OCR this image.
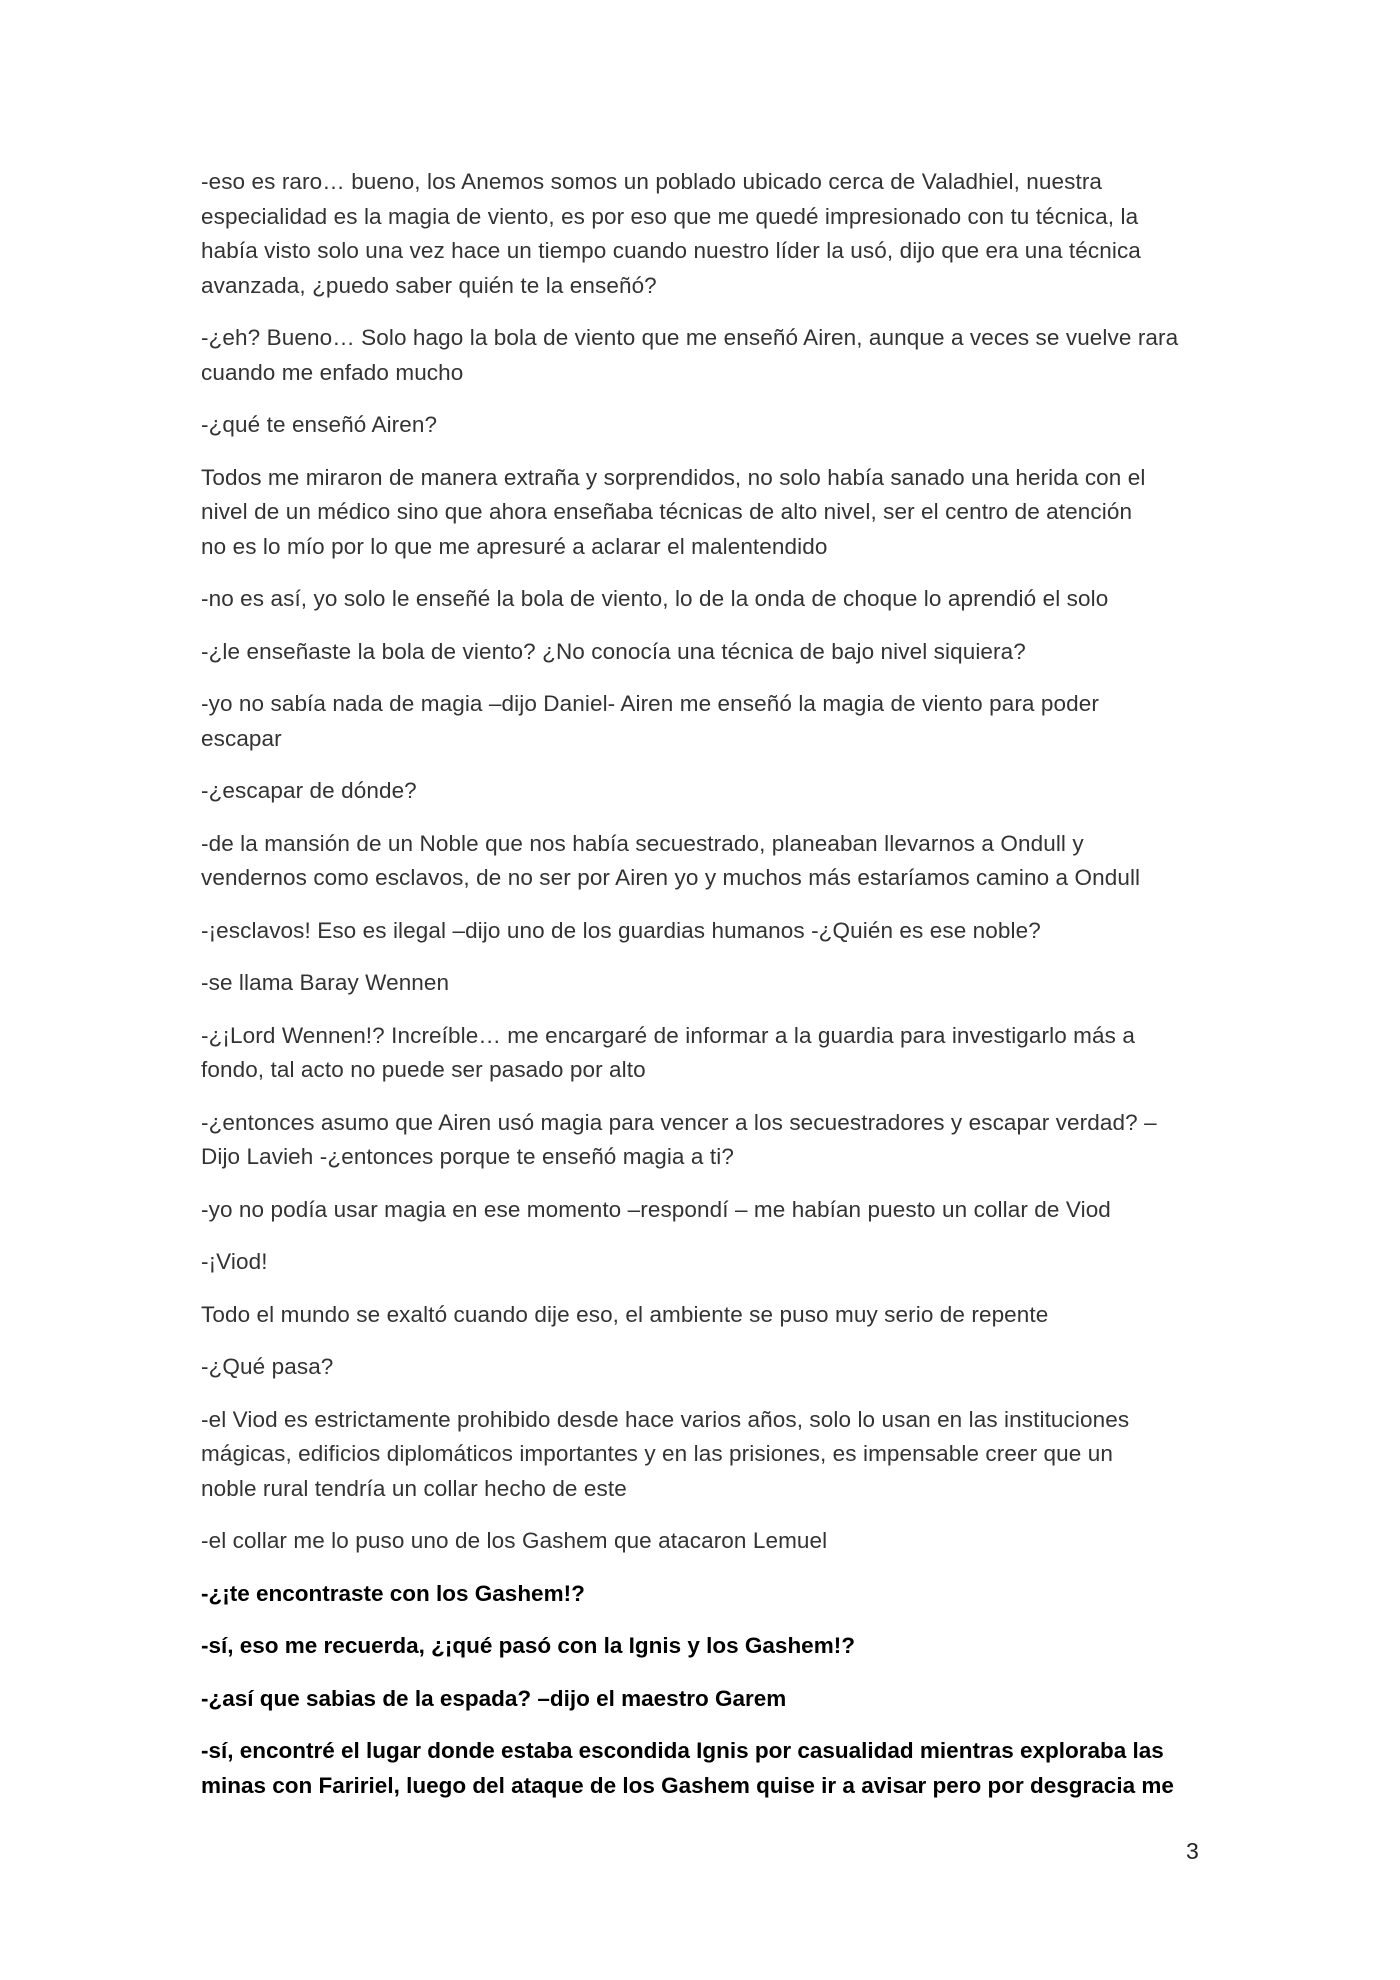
-eso es raro… bueno, los Anemos somos un poblado ubicado cerca de Valadhiel, nuestra
especialidad es la magia de viento, es por eso que me quedé impresionado con tu técnica, la
había visto solo una vez hace un tiempo cuando nuestro líder la usó, dijo que era una técnica
avanzada, ¿puedo saber quién te la enseñó?

-¿eh? Bueno… Solo hago la bola de viento que me enseñó Airen, aunque a veces se vuelve rara
cuando me enfado mucho

-¿qué te enseñó Airen?

Todos me miraron de manera extraña y sorprendidos, no solo había sanado una herida con el
nivel de un médico sino que ahora enseñaba técnicas de alto nivel, ser el centro de atención
no es lo mío por lo que me apresuré a aclarar el malentendido

-no es así, yo solo le enseñé la bola de viento, lo de la onda de choque lo aprendió el solo

-¿le enseñaste la bola de viento? ¿No conocía una técnica de bajo nivel siquiera?

-yo no sabía nada de magia –dijo Daniel- Airen me enseñó la magia de viento para poder
escapar

-¿escapar de dónde?

-de la mansión de un Noble que nos había secuestrado, planeaban llevarnos a Ondull y
vendernos como esclavos, de no ser por Airen yo y muchos más estaríamos camino a Ondull

-¡esclavos! Eso es ilegal –dijo uno de los guardias humanos -¿Quién es ese noble?

-se llama Baray Wennen

-¿¡Lord Wennen!? Increíble… me encargaré de informar a la guardia para investigarlo más a
fondo, tal acto no puede ser pasado por alto

-¿entonces asumo que Airen usó magia para vencer a los secuestradores y escapar verdad? –
Dijo Lavieh -¿entonces porque te enseñó magia a ti?

-yo no podía usar magia en ese momento –respondí – me habían puesto un collar de Viod

-¡Viod!

Todo el mundo se exaltó cuando dije eso, el ambiente se puso muy serio de repente

-¿Qué pasa?

-el Viod es estrictamente prohibido desde hace varios años, solo lo usan en las instituciones
mágicas, edificios diplomáticos importantes y en las prisiones, es impensable creer que un
noble rural tendría un collar hecho de este

-el collar me lo puso uno de los Gashem que atacaron Lemuel

-¿¡te encontraste con los Gashem!?

-sí, eso me recuerda, ¿¡qué pasó con la Ignis y los Gashem!?

-¿así que sabias de la espada? –dijo el maestro Garem

-sí, encontré el lugar donde estaba escondida Ignis por casualidad mientras exploraba las
minas con Faririel, luego del ataque de los Gashem quise ir a avisar pero por desgracia me

3
